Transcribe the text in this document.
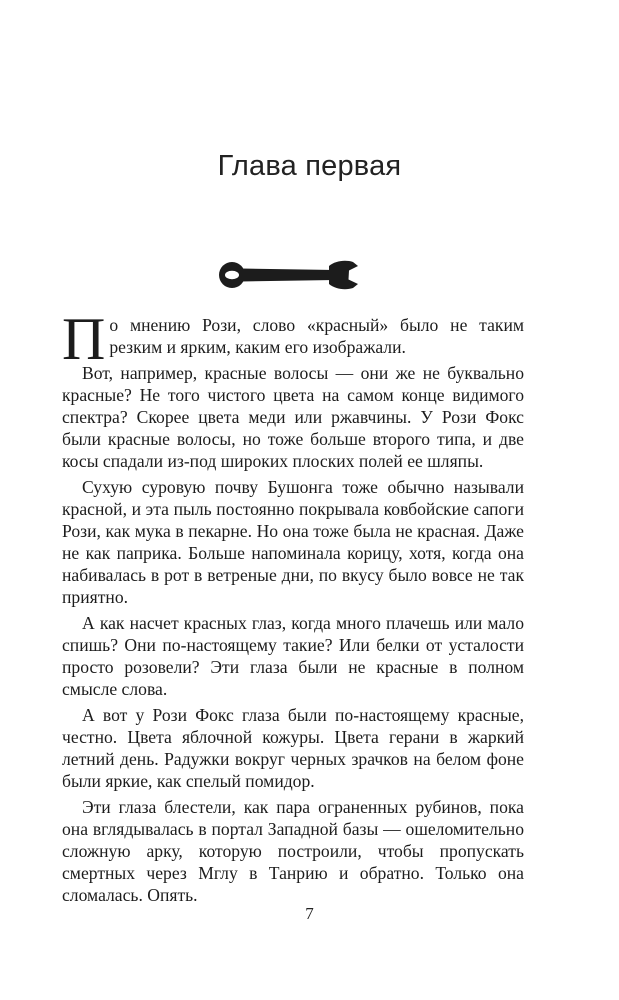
Глава первая

По мнению Рози, слово «красный» было не таким резким и ярким, каким его изображали.

Вот, например, красные волосы — они же не буквально красные? Не того чистого цвета на самом конце видимого спектра? Скорее цвета меди или ржавчины. У Рози Фокс были красные волосы, но тоже больше второго типа, и две косы спадали из-под широких плоских полей ее шляпы.

Сухую суровую почву Бушонга тоже обычно называли красной, и эта пыль постоянно покрывала ковбойские сапоги Рози, как мука в пекарне. Но она тоже была не красная. Даже не как паприка. Больше напоминала корицу, хотя, когда она набивалась в рот в ветреные дни, по вкусу было вовсе не так приятно.

А как насчет красных глаз, когда много плачешь или мало спишь? Они по-настоящему такие? Или белки от усталости просто розовели? Эти глаза были не красные в полном смысле слова.

А вот у Рози Фокс глаза были по-настоящему красные, честно. Цвета яблочной кожуры. Цвета герани в жаркий летний день. Радужки вокруг черных зрачков на белом фоне были яркие, как спелый помидор.

Эти глаза блестели, как пара ограненных рубинов, пока она вглядывалась в портал Западной базы — ошеломительно сложную арку, которую построили, чтобы пропускать смертных через Мглу в Танрию и обратно. Только она сломалась. Опять.

7
